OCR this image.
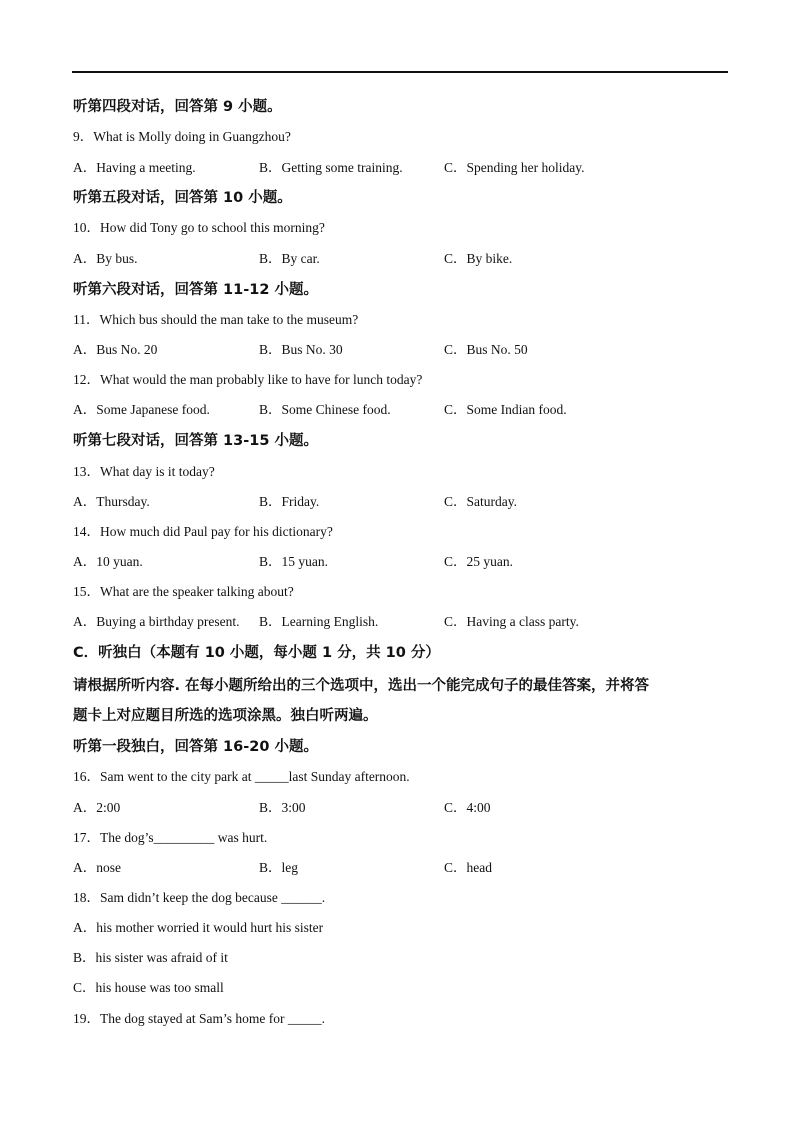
听第四段对话，回答第 9 小题。
9．What is Molly doing in Guangzhou?
A．Having a meeting.	B．Getting some training.	C．Spending her holiday.
听第五段对话，回答第 10 小题。
10．How did Tony go to school this morning?
A．By bus.	B．By car.	C．By bike.
听第六段对话，回答第 11-12 小题。
11．Which bus should the man take to the museum?
A．Bus No. 20	B．Bus No. 30	C．Bus No. 50
12．What would the man probably like to have for lunch today?
A．Some Japanese food.	B．Some Chinese food.	C．Some Indian food.
听第七段对话，回答第 13-15 小题。
13．What day is it today?
A．Thursday.	B．Friday.	C．Saturday.
14．How much did Paul pay for his dictionary?
A．10 yuan.	B．15 yuan.	C．25 yuan.
15．What are the speaker talking about?
A．Buying a birthday present. B．Learning English.	C．Having a class party.
C．听独白（本题有 10 小题，每小题 1 分，共 10 分）
请根据所听内容. 在每小题所给出的三个选项中，选出一个能完成句子的最佳答案，并将答
题卡上对应题目所选的选项涂黑。独白听两遍。
听第一段独白，回答第 16-20 小题。
16．Sam went to the city park at _____last Sunday afternoon.
A．2:00	B．3:00	C．4:00
17．The dog’s_________ was hurt.
A．nose	B．leg	C．head
18．Sam didn’t keep the dog because ______.
A．his mother worried it would hurt his sister
B．his sister was afraid of it
C．his house was too small
19．The dog stayed at Sam’s home for _____.
